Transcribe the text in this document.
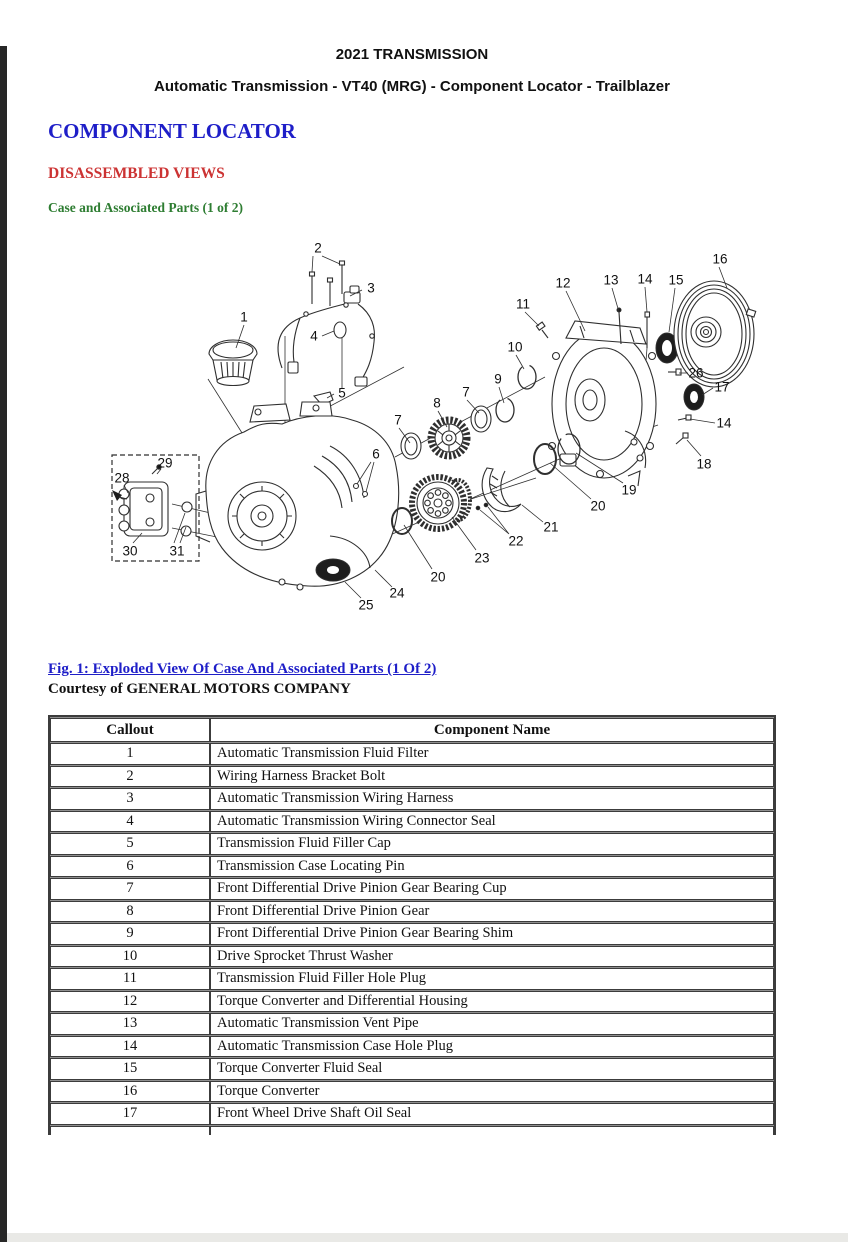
2021 TRANSMISSION

Automatic Transmission - VT40 (MRG) - Component Locator - Trailblazer

COMPONENT LOCATOR

DISASSEMBLED VIEWS

Case and Associated Parts (1 of 2)

1
2
3
4
5
6
7
7
8
9
10
11
12 13 14 15
16
26
17
14
18
19
20
21
22
23
20
24
25
28
29
30 31
Fig. 1: Exploded View Of Case And Associated Parts (1 Of 2)
Courtesy of GENERAL MOTORS COMPANY
Callout	Component Name
1	Automatic Transmission Fluid Filter
2	Wiring Harness Bracket Bolt
3	Automatic Transmission Wiring Harness
4	Automatic Transmission Wiring Connector Seal
5	Transmission Fluid Filler Cap
6	Transmission Case Locating Pin
7	Front Differential Drive Pinion Gear Bearing Cup
8	Front Differential Drive Pinion Gear
9	Front Differential Drive Pinion Gear Bearing Shim
10	Drive Sprocket Thrust Washer
11	Transmission Fluid Filler Hole Plug
12	Torque Converter and Differential Housing
13	Automatic Transmission Vent Pipe
14	Automatic Transmission Case Hole Plug
15	Torque Converter Fluid Seal
16	Torque Converter
17	Front Wheel Drive Shaft Oil Seal
